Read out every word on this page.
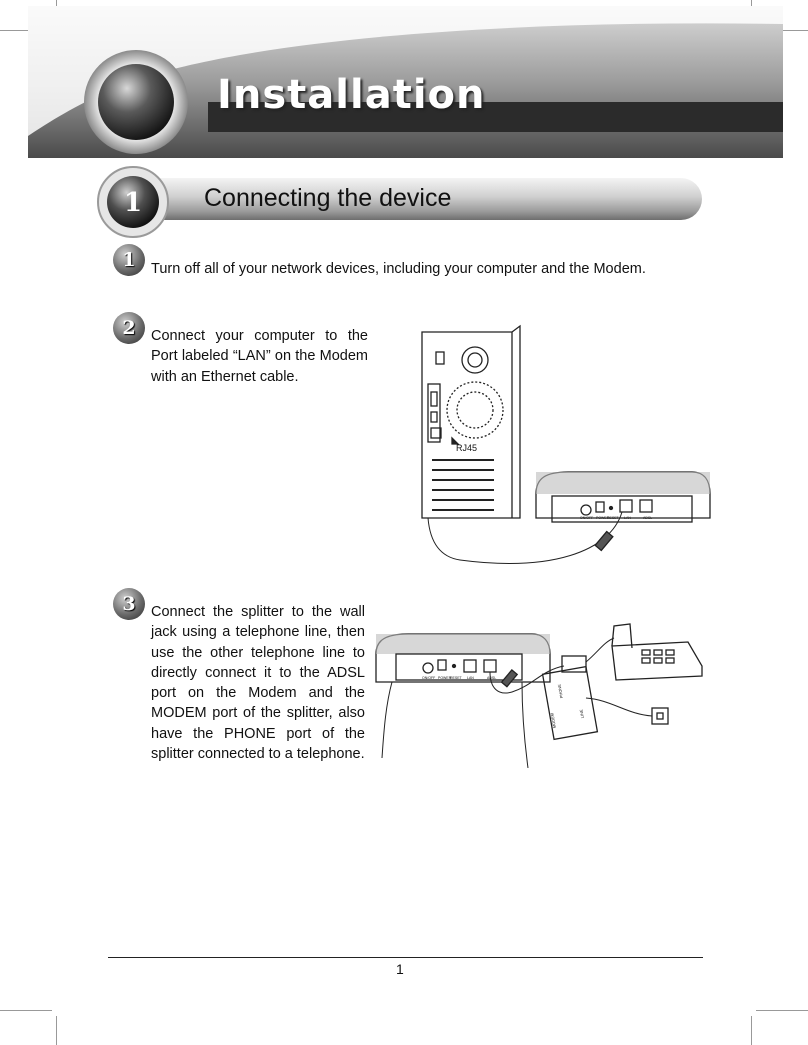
Installation
1 Connecting the device
1	Turn off all of your network devices, including your computer and the Modem.
2	Connect your computer to the Port labeled “LAN” on the Modem with an Ethernet cable.
RJ45
ON/OFF POWER
RESET LAN	ADSL
3	Connect the splitter to the wall jack using a telephone line, then use the other telephone line to directly connect it to the ADSL port on the Modem and the MODEM port of the splitter, also have the PHONE port of the splitter connected to a telephone.
ON/OFF POWER
RESET LAN	ADSL
MODEM
PHONE
LINE
1
